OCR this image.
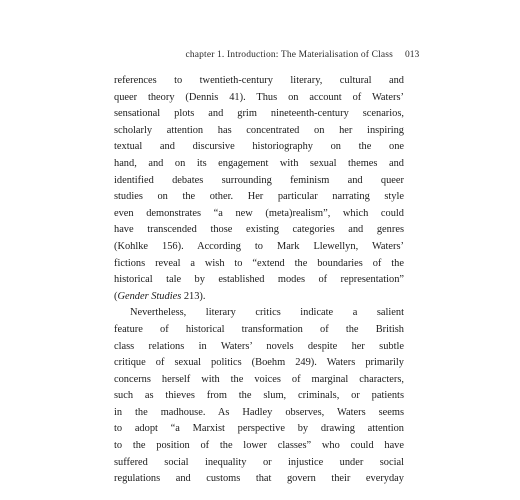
chapter 1. Introduction: The Materialisation of Class 013
references to twentieth-century literary, cultural and
queer theory (Dennis 41). Thus on account of Waters’
sensational plots and grim nineteenth-century scenarios,
scholarly attention has concentrated on her inspiring
textual and discursive historiography on the one
hand, and on its engagement with sexual themes and
identified debates surrounding feminism and queer
studies on the other. Her particular narrating style
even demonstrates “a new (meta)realism”, which could
have transcended those existing categories and genres
(Kohlke 156). According to Mark Llewellyn, Waters’
fictions reveal a wish to “extend the boundaries of the
historical tale by established modes of representation”
(Gender Studies 213).
Nevertheless, literary critics indicate a salient
feature of historical transformation of the British
class relations in Waters’ novels despite her subtle
critique of sexual politics (Boehm 249). Waters primarily
concerns herself with the voices of marginal characters,
such as thieves from the slum, criminals, or patients
in the madhouse. As Hadley observes, Waters seems
to adopt “a Marxist perspective by drawing attention
to the position of the lower classes” who could have
suffered social inequality or injustice under social
regulations and customs that govern their everyday
